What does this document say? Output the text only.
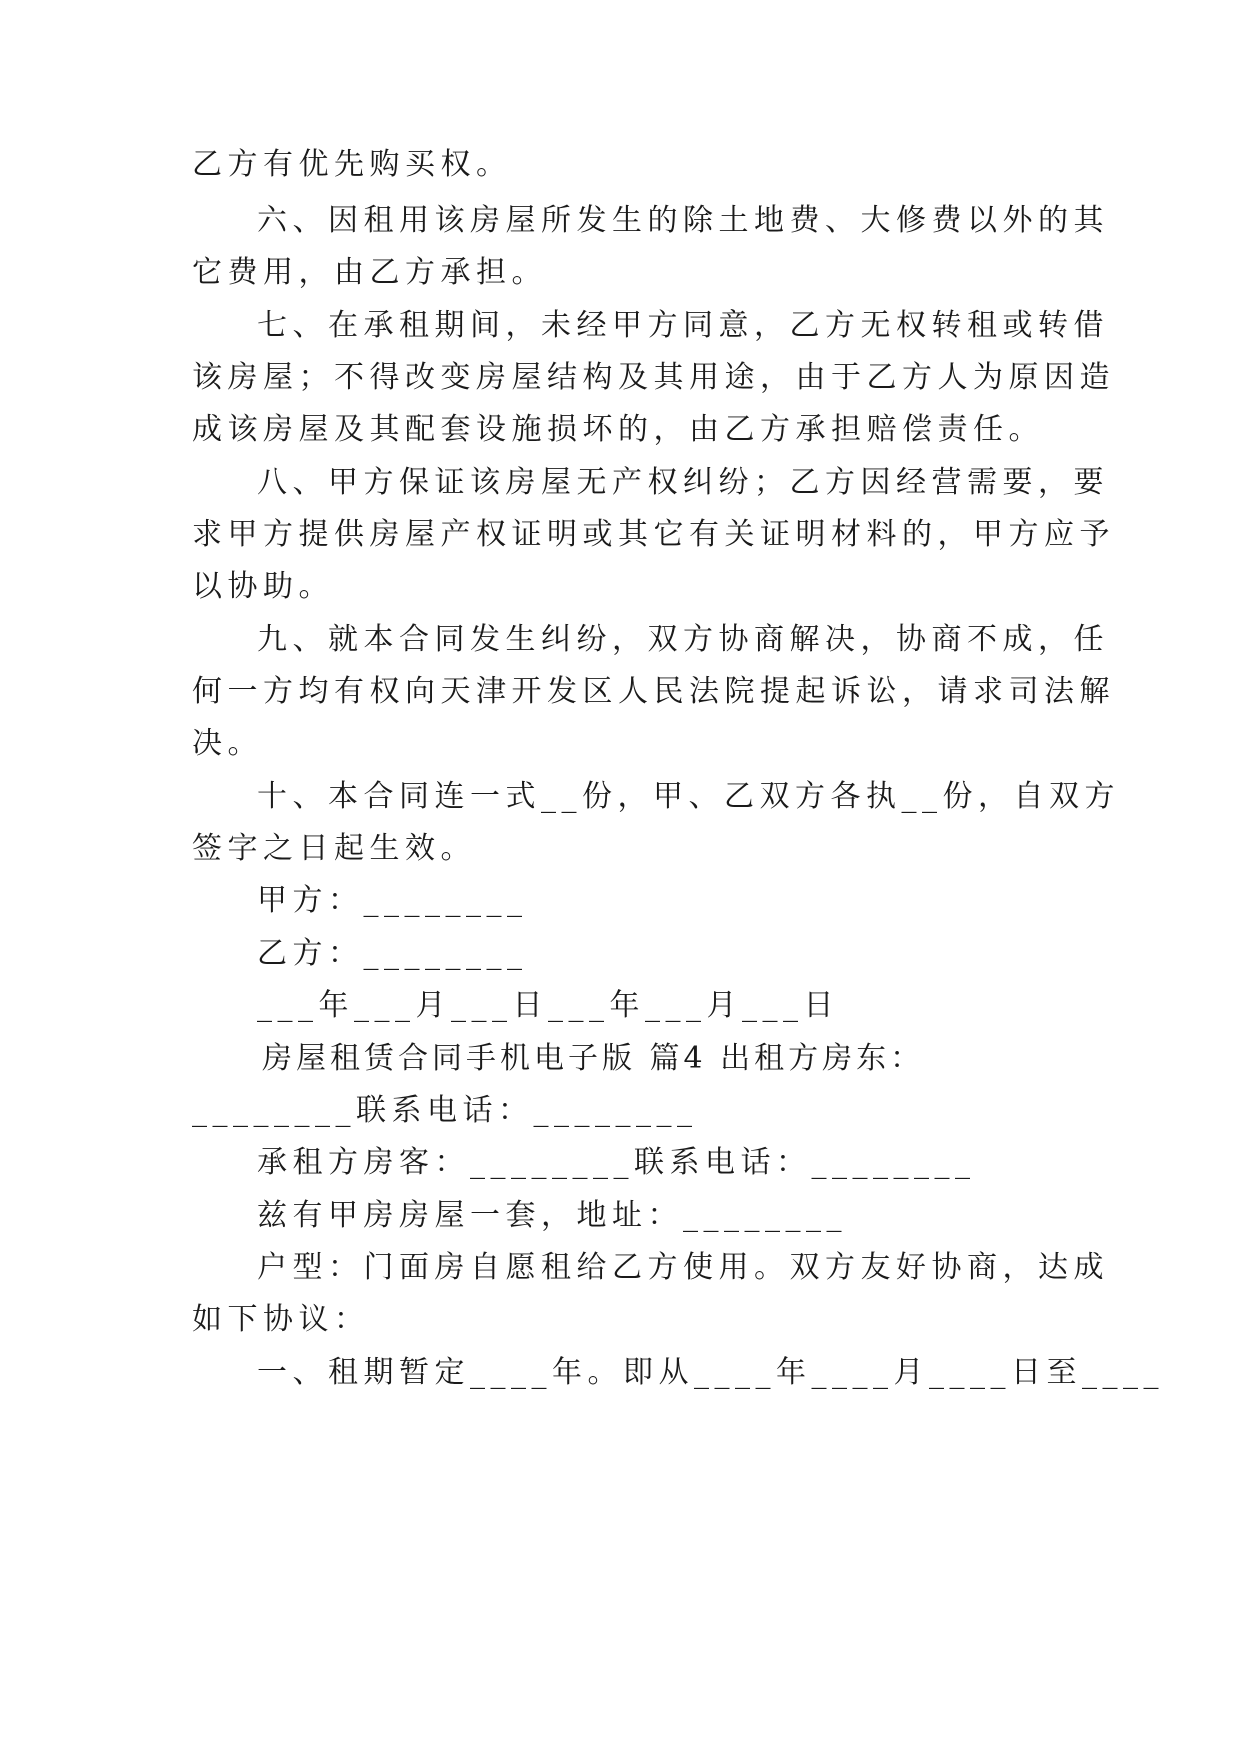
乙方有优先购买权。
六、因租用该房屋所发生的除土地费、大修费以外的其
它费用，由乙方承担。
七、在承租期间，未经甲方同意，乙方无权转租或转借
该房屋；不得改变房屋结构及其用途，由于乙方人为原因造
成该房屋及其配套设施损坏的，由乙方承担赔偿责任。
八、甲方保证该房屋无产权纠纷；乙方因经营需要，要
求甲方提供房屋产权证明或其它有关证明材料的，甲方应予
以协助。
九、就本合同发生纠纷，双方协商解决，协商不成，任
何一方均有权向天津开发区人民法院提起诉讼，请求司法解
决。
十、本合同连一式__份，甲、乙双方各执__份，自双方
签字之日起生效。
甲方：________
乙方：________
___年___月___日___年___月___日
房屋租赁合同手机电子版 篇4 出租方房东：
________联系电话：________
承租方房客：________联系电话：________
兹有甲房房屋一套，地址：________
户型：门面房自愿租给乙方使用。双方友好协商，达成
如下协议：
一、租期暂定____年。即从____年____月____日至____
